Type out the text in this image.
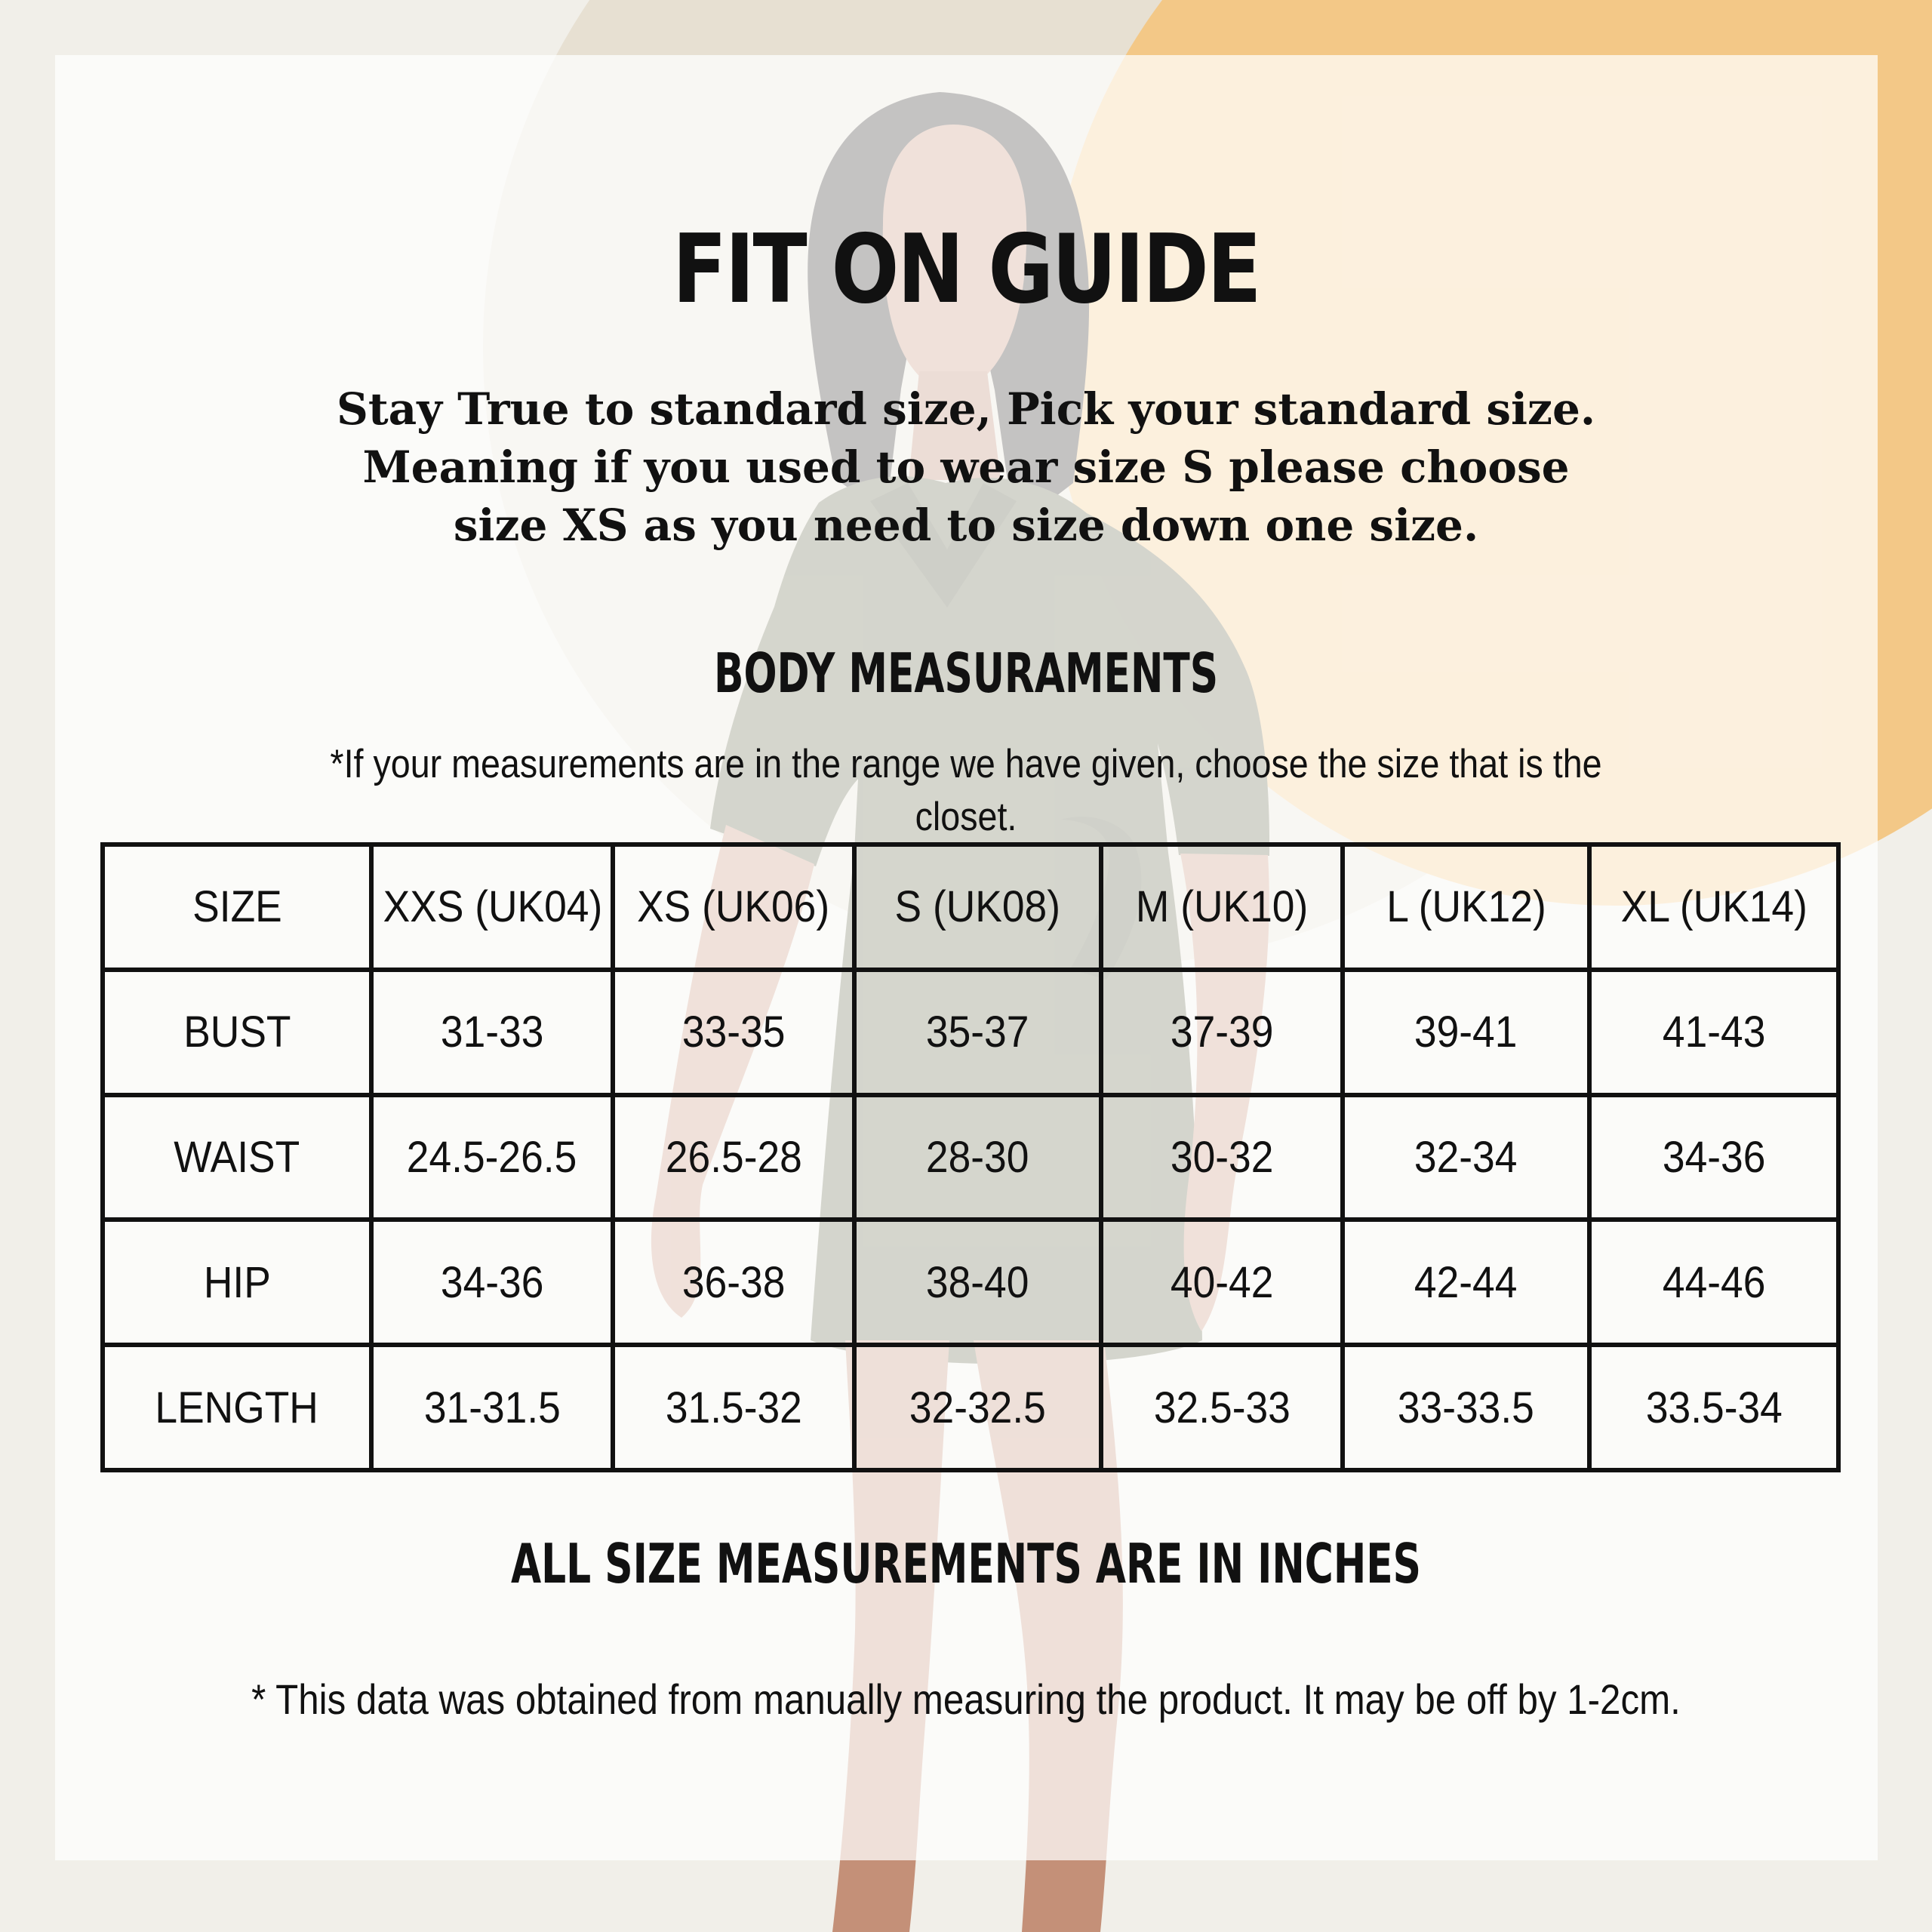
FIT ON GUIDE
Stay True to standard size, Pick your standard size.
Meaning if you used to wear size S please choose
size XS as you need to size down one size.
BODY MEASURAMENTS
*If your measurements are in the range we have given, choose the size that is the closet.
SIZE	XXS (UK04)	XS (UK06)	S (UK08)	M (UK10)	L (UK12)	XL (UK14)
BUST	31-33	33-35	35-37	37-39	39-41	41-43
WAIST	24.5-26.5	26.5-28	28-30	30-32	32-34	34-36
HIP	34-36	36-38	38-40	40-42	42-44	44-46
LENGTH	31-31.5	31.5-32	32-32.5	32.5-33	33-33.5	33.5-34
ALL SIZE MEASUREMENTS ARE IN INCHES
* This data was obtained from manually measuring the product. It may be off by 1-2cm.
